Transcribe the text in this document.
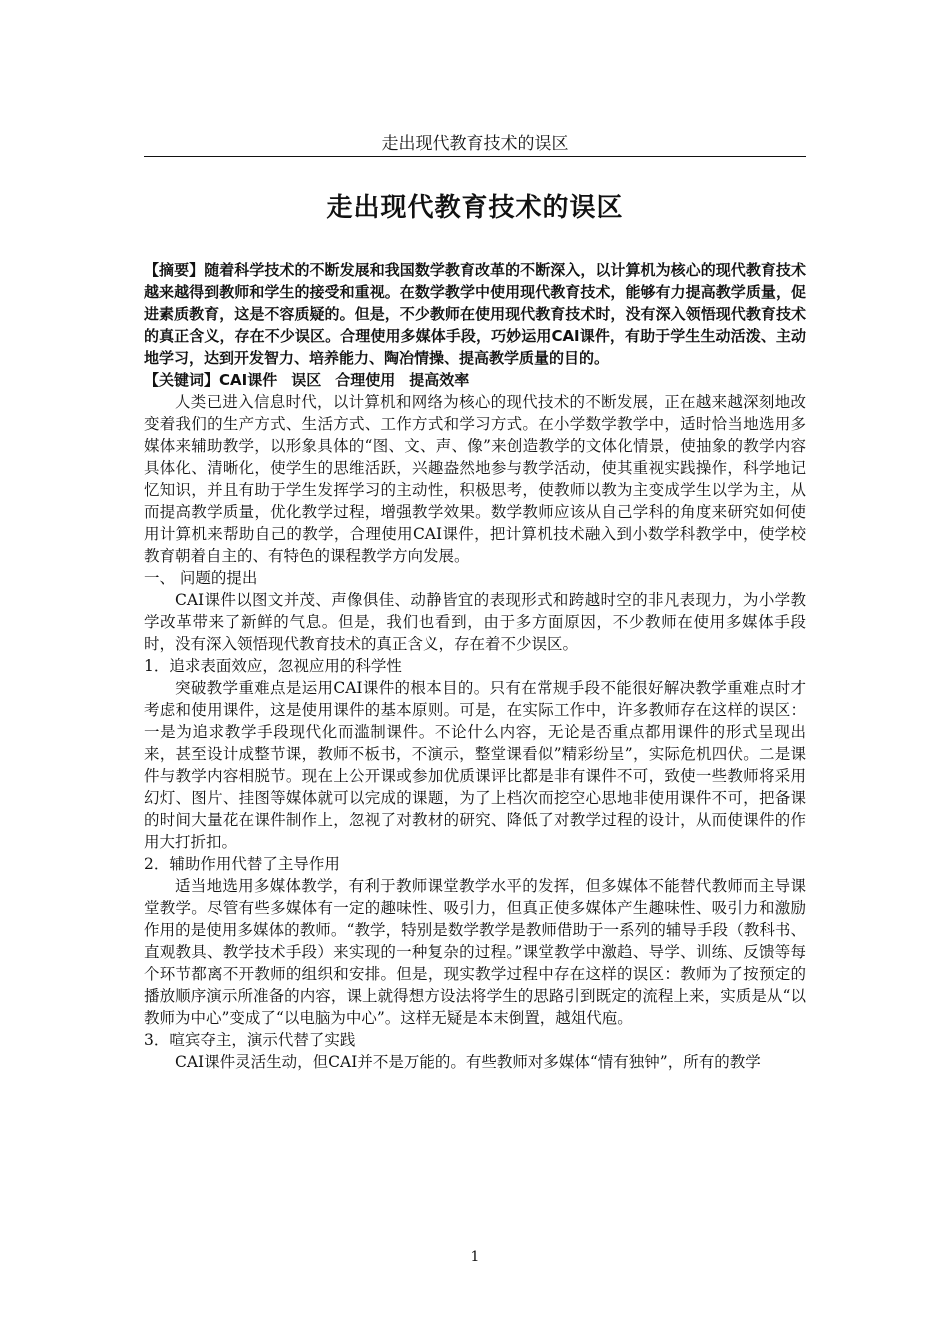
走出现代教育技术的误区
走出现代教育技术的误区

【摘要】随着科学技术的不断发展和我国数学教育改革的不断深入，以计算机为核心的现代教育技术越来越得到教师和学生的接受和重视。在数学教学中使用现代教育技术，能够有力提高教学质量，促进素质教育，这是不容质疑的。但是，不少教师在使用现代教育技术时，没有深入领悟现代教育技术的真正含义，存在不少误区。合理使用多媒体手段，巧妙运用CAI课件，有助于学生生动活泼、主动地学习，达到开发智力、培养能力、陶冶情操、提高教学质量的目的。

【关键词】CAI课件 误区 合理使用 提高效率

人类已进入信息时代，以计算机和网络为核心的现代技术的不断发展，正在越来越深刻地改变着我们的生产方式、生活方式、工作方式和学习方式。在小学数学教学中，适时恰当地选用多媒体来辅助教学，以形象具体的“图、文、声、像”来创造教学的文体化情景，使抽象的教学内容具体化、清晰化，使学生的思维活跃，兴趣盎然地参与教学活动，使其重视实践操作，科学地记忆知识，并且有助于学生发挥学习的主动性，积极思考，使教师以教为主变成学生以学为主，从而提高教学质量，优化教学过程，增强教学效果。数学教师应该从自己学科的角度来研究如何使用计算机来帮助自己的教学，合理使用CAI课件，把计算机技术融入到小数学科教学中，使学校教育朝着自主的、有特色的课程教学方向发展。

一、 问题的提出

CAI课件以图文并茂、声像俱佳、动静皆宜的表现形式和跨越时空的非凡表现力，为小学教学改革带来了新鲜的气息。但是，我们也看到，由于多方面原因，不少教师在使用多媒体手段时，没有深入领悟现代教育技术的真正含义，存在着不少误区。

1．追求表面效应，忽视应用的科学性

突破教学重难点是运用CAI课件的根本目的。只有在常规手段不能很好解决教学重难点时才考虑和使用课件，这是使用课件的基本原则。可是，在实际工作中，许多教师存在这样的误区：一是为追求教学手段现代化而滥制课件。不论什么内容，无论是否重点都用课件的形式呈现出来，甚至设计成整节课，教师不板书，不演示，整堂课看似”精彩纷呈”，实际危机四伏。二是课件与教学内容相脱节。现在上公开课或参加优质课评比都是非有课件不可，致使一些教师将采用幻灯、图片、挂图等媒体就可以完成的课题，为了上档次而挖空心思地非使用课件不可，把备课的时间大量花在课件制作上，忽视了对教材的研究、降低了对教学过程的设计，从而使课件的作用大打折扣。

2．辅助作用代替了主导作用

适当地选用多媒体教学，有利于教师课堂教学水平的发挥，但多媒体不能替代教师而主导课堂教学。尽管有些多媒体有一定的趣味性、吸引力，但真正使多媒体产生趣味性、吸引力和激励作用的是使用多媒体的教师。“教学，特别是数学教学是教师借助于一系列的辅导手段（教科书、直观教具、教学技术手段）来实现的一种复杂的过程。”课堂教学中激趋、导学、训练、反馈等每个环节都离不开教师的组织和安排。但是，现实教学过程中存在这样的误区：教师为了按预定的播放顺序演示所准备的内容，课上就得想方设法将学生的思路引到既定的流程上来，实质是从“以教师为中心”变成了“以电脑为中心”。这样无疑是本末倒置，越俎代庖。

3．喧宾夺主，演示代替了实践

CAI课件灵活生动，但CAI并不是万能的。有些教师对多媒体“情有独钟”，所有的教学

1
